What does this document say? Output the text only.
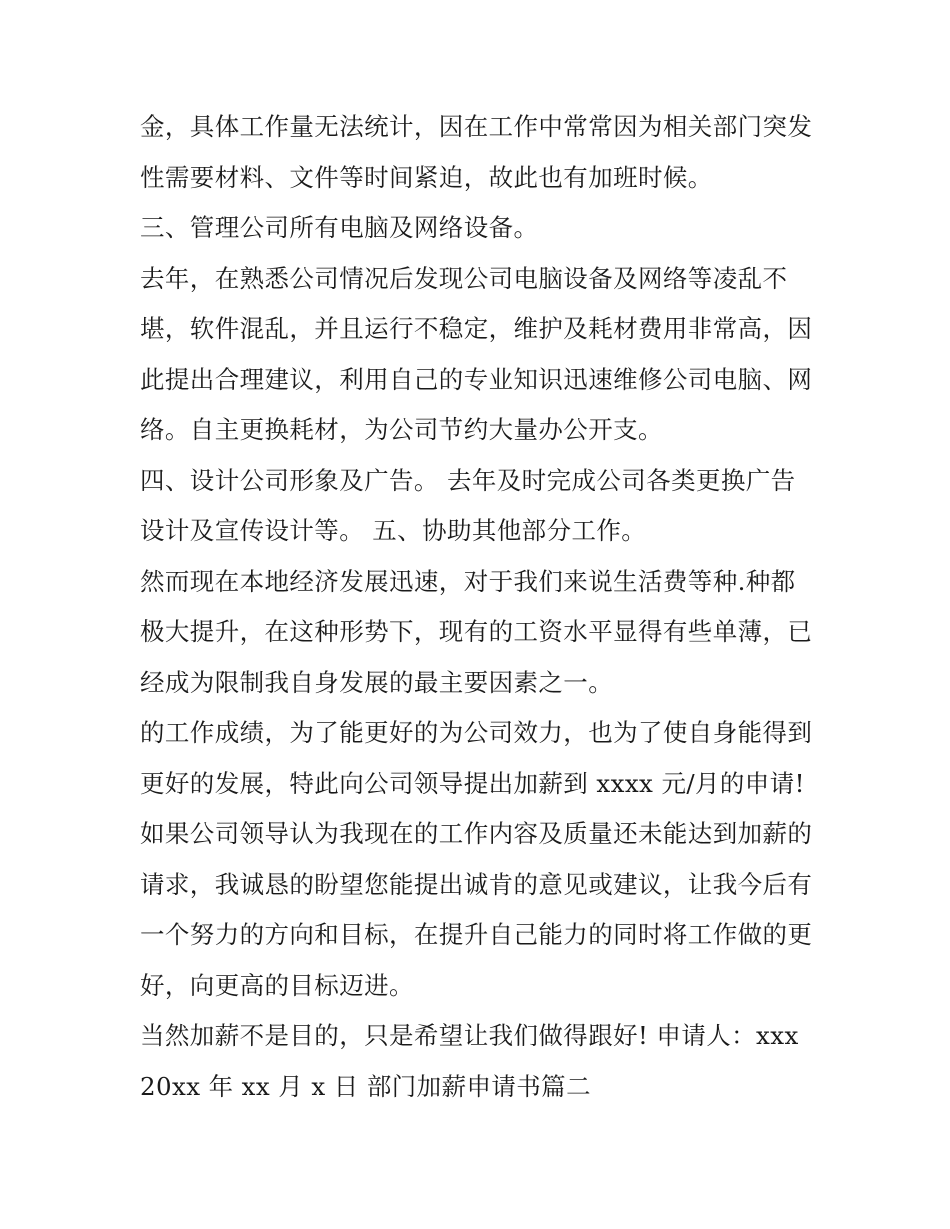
金，具体工作量无法统计，因在工作中常常因为相关部门突发
性需要材料、文件等时间紧迫，故此也有加班时候。
三、管理公司所有电脑及网络设备。
去年，在熟悉公司情况后发现公司电脑设备及网络等凌乱不
堪，软件混乱，并且运行不稳定，维护及耗材费用非常高，因
此提出合理建议，利用自己的专业知识迅速维修公司电脑、网
络。自主更换耗材，为公司节约大量办公开支。
四、设计公司形象及广告。 去年及时完成公司各类更换广告
设计及宣传设计等。 五、协助其他部分工作。
然而现在本地经济发展迅速，对于我们来说生活费等种.种都
极大提升，在这种形势下，现有的工资水平显得有些单薄，已
经成为限制我自身发展的最主要因素之一。
的工作成绩，为了能更好的为公司效力，也为了使自身能得到
更好的发展，特此向公司领导提出加薪到 xxxx 元/月的申请!
如果公司领导认为我现在的工作内容及质量还未能达到加薪的
请求，我诚恳的盼望您能提出诚肯的意见或建议，让我今后有
一个努力的方向和目标，在提升自己能力的同时将工作做的更
好，向更高的目标迈进。
当然加薪不是目的，只是希望让我们做得跟好! 申请人：xxx
20xx 年 xx 月 x 日 部门加薪申请书篇二
